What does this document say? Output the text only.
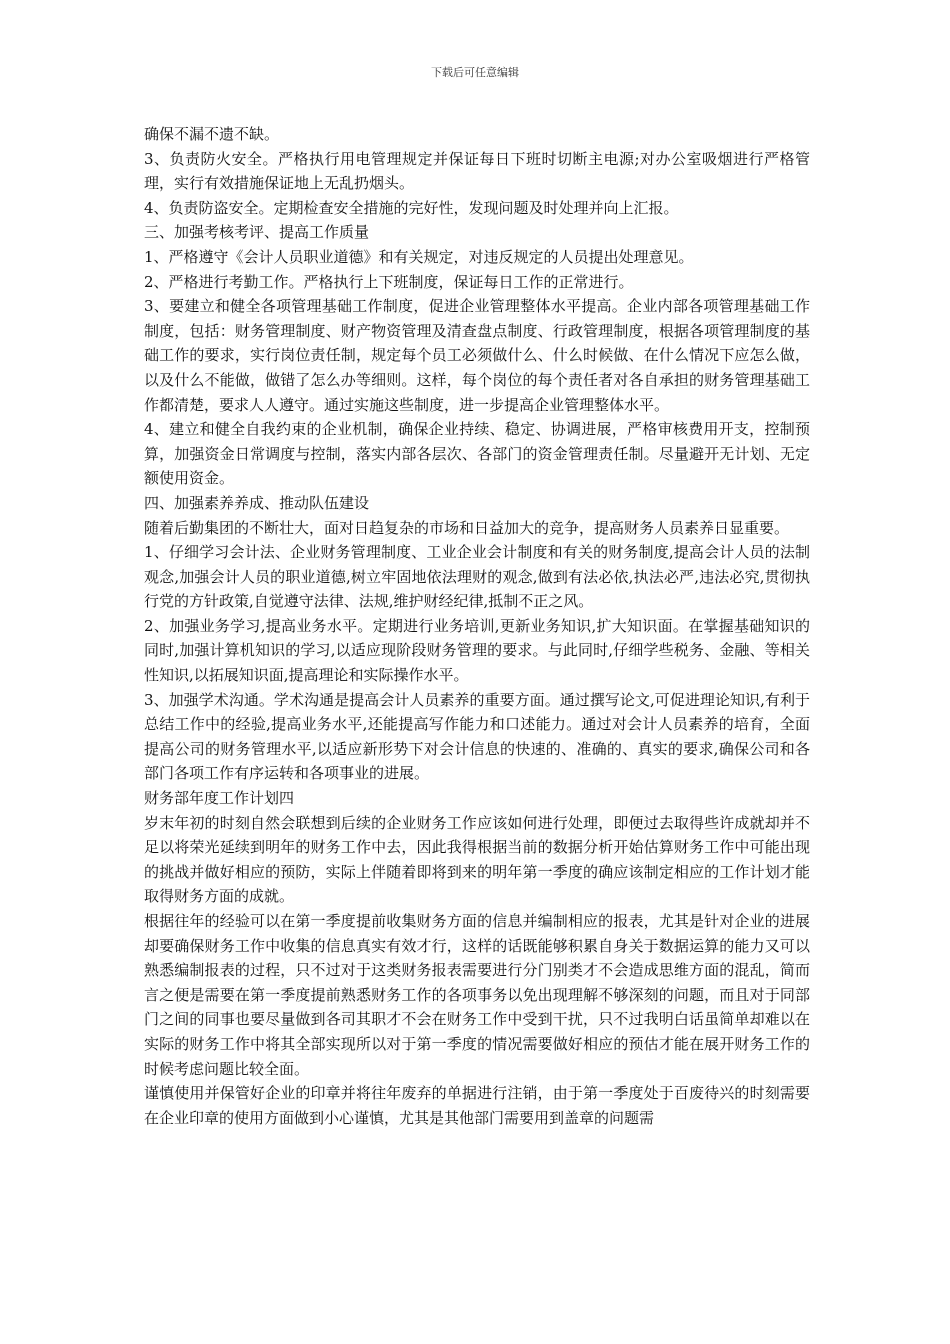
下载后可任意编辑

确保不漏不遗不缺。

3、负责防火安全。严格执行用电管理规定并保证每日下班时切断主电源;对办公室吸烟进行严格管理，实行有效措施保证地上无乱扔烟头。

4、负责防盗安全。定期检查安全措施的完好性，发现问题及时处理并向上汇报。

三、加强考核考评、提高工作质量

1、严格遵守《会计人员职业道德》和有关规定，对违反规定的人员提出处理意见。

2、严格进行考勤工作。严格执行上下班制度，保证每日工作的正常进行。

3、要建立和健全各项管理基础工作制度，促进企业管理整体水平提高。企业内部各项管理基础工作制度，包括：财务管理制度、财产物资管理及清查盘点制度、行政管理制度，根据各项管理制度的基础工作的要求，实行岗位责任制，规定每个员工必须做什么、什么时候做、在什么情况下应怎么做，以及什么不能做，做错了怎么办等细则。这样，每个岗位的每个责任者对各自承担的财务管理基础工作都清楚，要求人人遵守。通过实施这些制度，进一步提高企业管理整体水平。

4、建立和健全自我约束的企业机制，确保企业持续、稳定、协调进展，严格审核费用开支，控制预算，加强资金日常调度与控制，落实内部各层次、各部门的资金管理责任制。尽量避开无计划、无定额使用资金。

四、加强素养养成、推动队伍建设

随着后勤集团的不断壮大，面对日趋复杂的市场和日益加大的竞争，提高财务人员素养日显重要。

1、仔细学习会计法、企业财务管理制度、工业企业会计制度和有关的财务制度,提高会计人员的法制观念,加强会计人员的职业道德,树立牢固地依法理财的观念,做到有法必依,执法必严,违法必究,贯彻执行党的方针政策,自觉遵守法律、法规,维护财经纪律,抵制不正之风。

2、加强业务学习,提高业务水平。定期进行业务培训,更新业务知识,扩大知识面。在掌握基础知识的同时,加强计算机知识的学习,以适应现阶段财务管理的要求。与此同时,仔细学些税务、金融、等相关性知识,以拓展知识面,提高理论和实际操作水平。

3、加强学术沟通。学术沟通是提高会计人员素养的重要方面。通过撰写论文,可促进理论知识,有利于总结工作中的经验,提高业务水平,还能提高写作能力和口述能力。通过对会计人员素养的培育，全面提高公司的财务管理水平,以适应新形势下对会计信息的快速的、准确的、真实的要求,确保公司和各部门各项工作有序运转和各项事业的进展。

财务部年度工作计划四

岁末年初的时刻自然会联想到后续的企业财务工作应该如何进行处理，即便过去取得些许成就却并不足以将荣光延续到明年的财务工作中去，因此我得根据当前的数据分析开始估算财务工作中可能出现的挑战并做好相应的预防，实际上伴随着即将到来的明年第一季度的确应该制定相应的工作计划才能取得财务方面的成就。

根据往年的经验可以在第一季度提前收集财务方面的信息并编制相应的报表，尤其是针对企业的进展却要确保财务工作中收集的信息真实有效才行，这样的话既能够积累自身关于数据运算的能力又可以熟悉编制报表的过程，只不过对于这类财务报表需要进行分门别类才不会造成思维方面的混乱，简而言之便是需要在第一季度提前熟悉财务工作的各项事务以免出现理解不够深刻的问题，而且对于同部门之间的同事也要尽量做到各司其职才不会在财务工作中受到干扰，只不过我明白话虽简单却难以在实际的财务工作中将其全部实现所以对于第一季度的情况需要做好相应的预估才能在展开财务工作的时候考虑问题比较全面。

谨慎使用并保管好企业的印章并将往年废弃的单据进行注销，由于第一季度处于百废待兴的时刻需要在企业印章的使用方面做到小心谨慎，尤其是其他部门需要用到盖章的问题需
